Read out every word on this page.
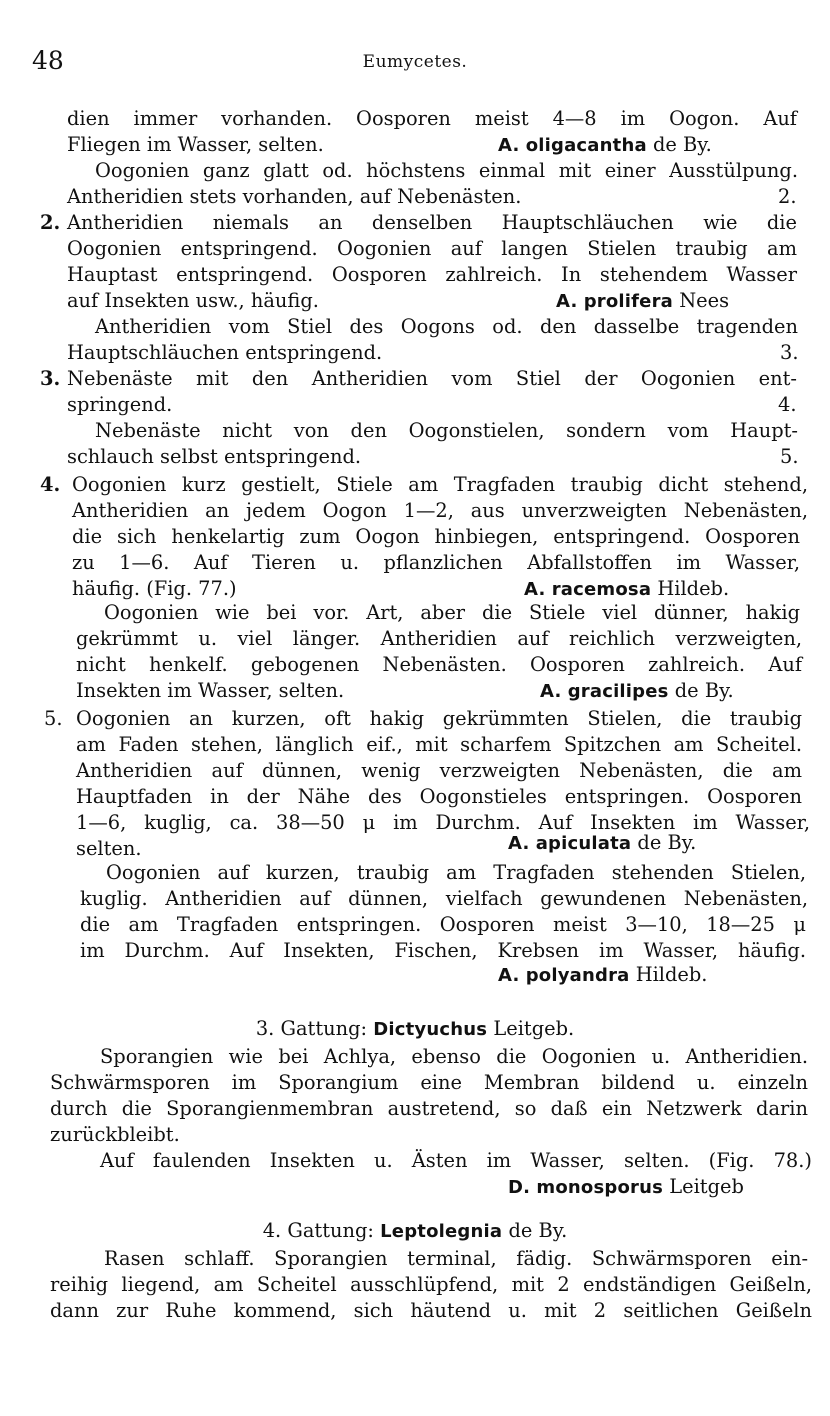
48	Eumycetes.
dien immer vorhanden. Oosporen meist 4—8 im Oogon. Auf
Fliegen im Wasser, selten.	A. oligacantha de By.
Oogonien ganz glatt od. höchstens einmal mit einer Ausstülpung.
Antheridien stets vorhanden, auf Nebenästen.	2.
2. Antheridien niemals an denselben Hauptschläuchen wie die
Oogonien entspringend. Oogonien auf langen Stielen traubig am
Hauptast entspringend. Oosporen zahlreich. In stehendem Wasser
auf Insekten usw., häufig.	A. prolifera Nees
Antheridien vom Stiel des Oogons od. den dasselbe tragenden
Hauptschläuchen entspringend.	3.
3. Nebenäste mit den Antheridien vom Stiel der Oogonien ent-
springend.	4.
Nebenäste nicht von den Oogonstielen, sondern vom Haupt-
schlauch selbst entspringend.	5.
4. Oogonien kurz gestielt, Stiele am Tragfaden traubig dicht stehend,
Antheridien an jedem Oogon 1—2, aus unverzweigten Nebenästen,
die sich henkelartig zum Oogon hinbiegen, entspringend. Oosporen
zu 1—6. Auf Tieren u. pflanzlichen Abfallstoffen im Wasser,
häufig. (Fig. 77.)	A. racemosa Hildeb.
Oogonien wie bei vor. Art, aber die Stiele viel dünner, hakig
gekrümmt u. viel länger. Antheridien auf reichlich verzweigten,
nicht henkelf. gebogenen Nebenästen. Oosporen zahlreich. Auf
Insekten im Wasser, selten.	A. gracilipes de By.
5. Oogonien an kurzen, oft hakig gekrümmten Stielen, die traubig
am Faden stehen, länglich eif., mit scharfem Spitzchen am Scheitel.
Antheridien auf dünnen, wenig verzweigten Nebenästen, die am
Hauptfaden in der Nähe des Oogonstieles entspringen. Oosporen
1—6, kuglig, ca. 38—50 μ im Durchm. Auf Insekten im Wasser,
selten.	A. apiculata de By.
Oogonien auf kurzen, traubig am Tragfaden stehenden Stielen,
kuglig. Antheridien auf dünnen, vielfach gewundenen Nebenästen,
die am Tragfaden entspringen. Oosporen meist 3—10, 18—25 μ
im Durchm. Auf Insekten, Fischen, Krebsen im Wasser, häufig.
A. polyandra Hildeb.
3. Gattung: Dictyuchus Leitgeb.
Sporangien wie bei Achlya, ebenso die Oogonien u. Antheridien.
Schwärmsporen im Sporangium eine Membran bildend u. einzeln
durch die Sporangienmembran austretend, so daß ein Netzwerk darin
zurückbleibt.
Auf faulenden Insekten u. Ästen im Wasser, selten. (Fig. 78.)
D. monosporus Leitgeb
4. Gattung: Leptolegnia de By.
Rasen schlaff. Sporangien terminal, fädig. Schwärmsporen ein-
reihig liegend, am Scheitel ausschlüpfend, mit 2 endständigen Geißeln,
dann zur Ruhe kommend, sich häutend u. mit 2 seitlichen Geißeln
